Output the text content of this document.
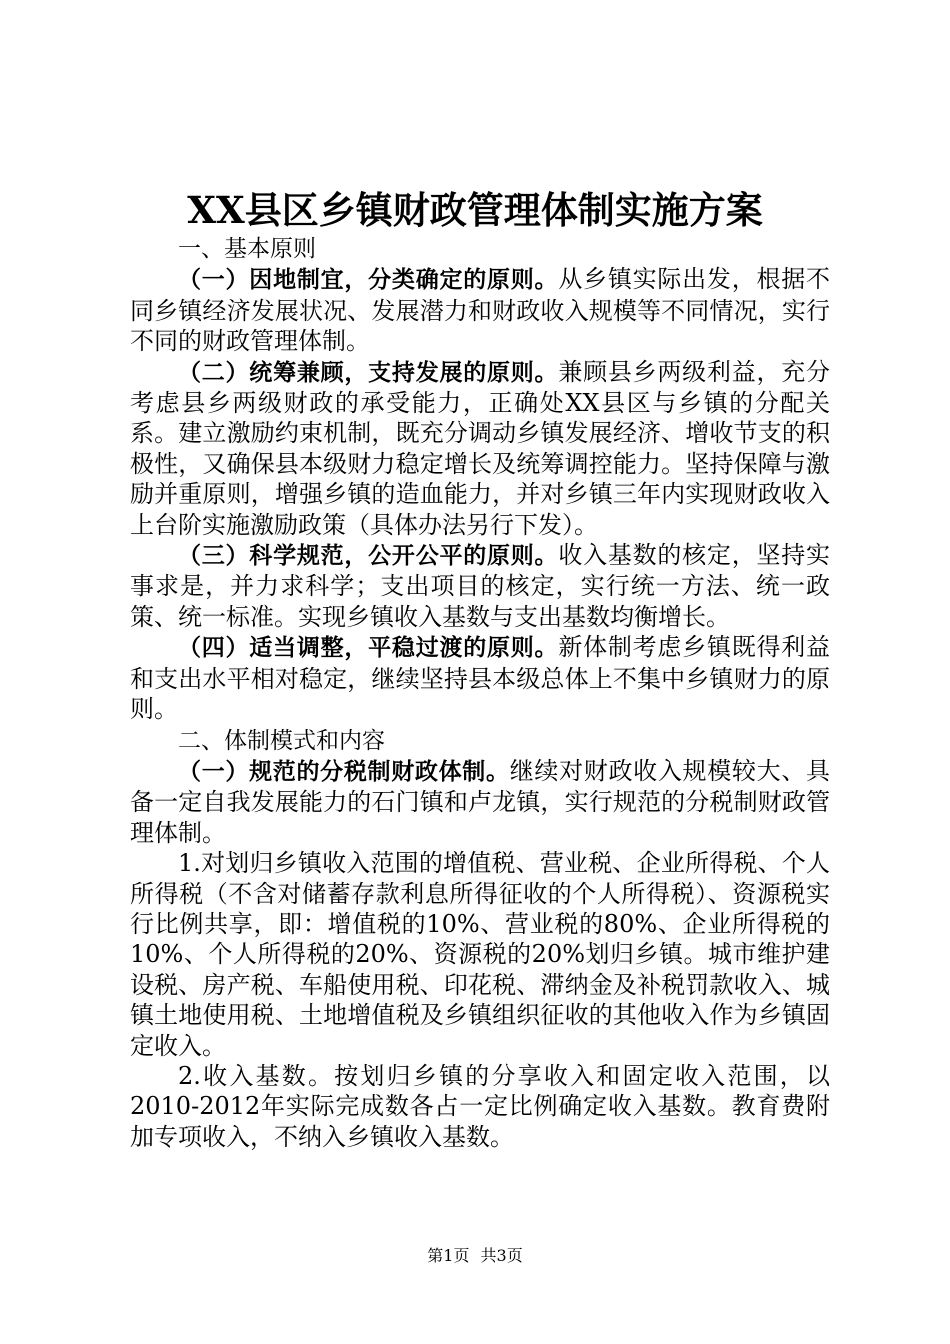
XX县区乡镇财政管理体制实施方案

一、基本原则

（一）因地制宜，分类确定的原则。从乡镇实际出发，根据不同乡镇经济发展状况、发展潜力和财政收入规模等不同情况，实行不同的财政管理体制。

（二）统筹兼顾，支持发展的原则。兼顾县乡两级利益，充分考虑县乡两级财政的承受能力，正确处XX县区与乡镇的分配关系。建立激励约束机制，既充分调动乡镇发展经济、增收节支的积极性，又确保县本级财力稳定增长及统筹调控能力。坚持保障与激励并重原则，增强乡镇的造血能力，并对乡镇三年内实现财政收入上台阶实施激励政策（具体办法另行下发）。

（三）科学规范，公开公平的原则。收入基数的核定，坚持实事求是，并力求科学；支出项目的核定，实行统一方法、统一政策、统一标准。实现乡镇收入基数与支出基数均衡增长。

（四）适当调整，平稳过渡的原则。新体制考虑乡镇既得利益和支出水平相对稳定，继续坚持县本级总体上不集中乡镇财力的原则。

二、体制模式和内容

（一）规范的分税制财政体制。继续对财政收入规模较大、具备一定自我发展能力的石门镇和卢龙镇，实行规范的分税制财政管理体制。

1.对划归乡镇收入范围的增值税、营业税、企业所得税、个人所得税（不含对储蓄存款利息所得征收的个人所得税）、资源税实行比例共享，即：增值税的10%、营业税的80%、企业所得税的10%、个人所得税的20%、资源税的20%划归乡镇。城市维护建设税、房产税、车船使用税、印花税、滞纳金及补税罚款收入、城镇土地使用税、土地增值税及乡镇组织征收的其他收入作为乡镇固定收入。

2.收入基数。按划归乡镇的分享收入和固定收入范围，以2010-2012年实际完成数各占一定比例确定收入基数。教育费附加专项收入，不纳入乡镇收入基数。

第1页 共3页
